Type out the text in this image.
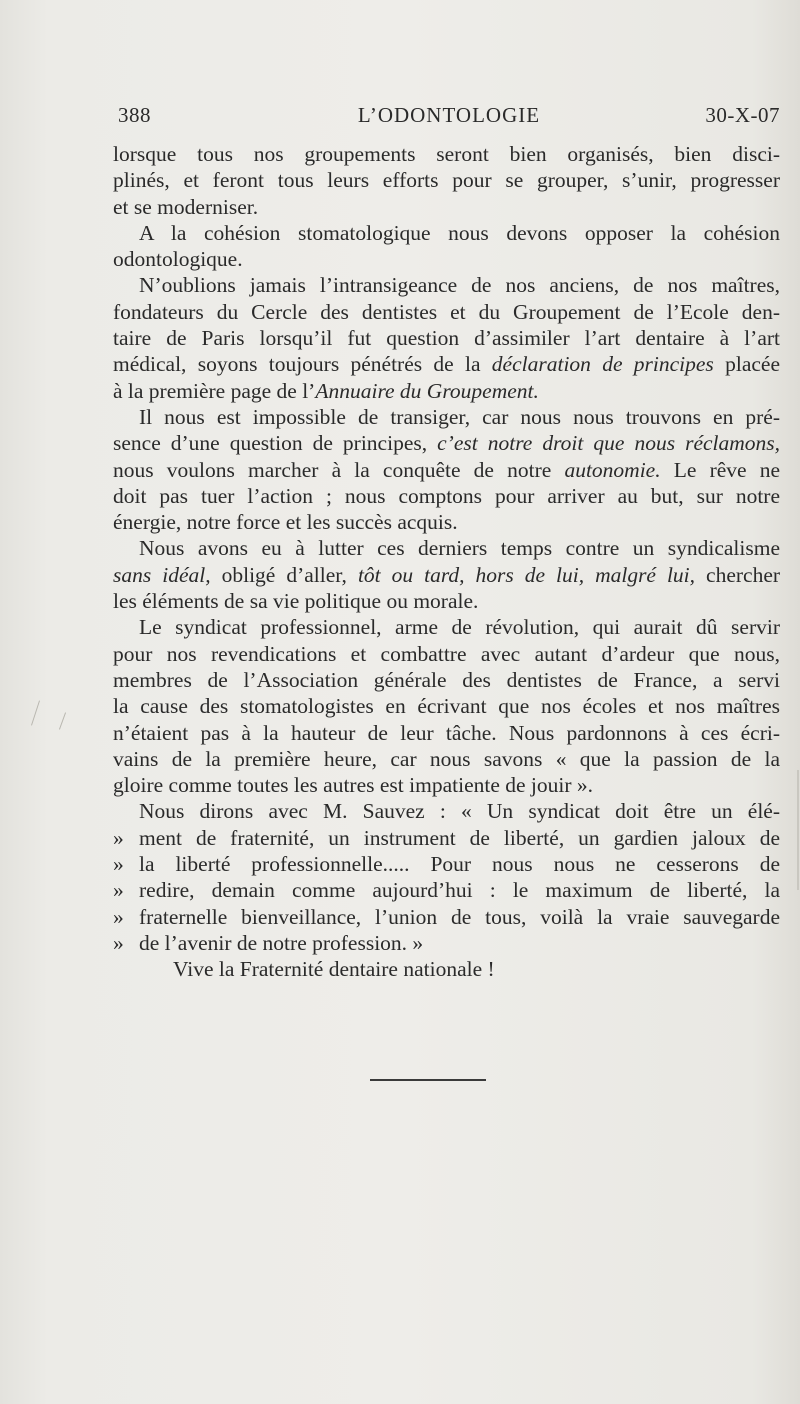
388	L’ODONTOLOGIE	30-X-07
lorsque tous nos groupements seront bien organisés, bien disci-
plinés, et feront tous leurs efforts pour se grouper, s’unir, progresser
et se moderniser.
A la cohésion stomatologique nous devons opposer la cohésion
odontologique.
N’oublions jamais l’intransigeance de nos anciens, de nos maîtres,
fondateurs du Cercle des dentistes et du Groupement de l’Ecole den-
taire de Paris lorsqu’il fut question d’assimiler l’art dentaire à l’art
médical, soyons toujours pénétrés de la déclaration de principes placée
à la première page de l’Annuaire du Groupement.
Il nous est impossible de transiger, car nous nous trouvons en pré-
sence d’une question de principes, c’est notre droit que nous réclamons,
nous voulons marcher à la conquête de notre autonomie. Le rêve ne
doit pas tuer l’action ; nous comptons pour arriver au but, sur notre
énergie, notre force et les succès acquis.
Nous avons eu à lutter ces derniers temps contre un syndicalisme
sans idéal, obligé d’aller, tôt ou tard, hors de lui, malgré lui, chercher
les éléments de sa vie politique ou morale.
Le syndicat professionnel, arme de révolution, qui aurait dû servir
pour nos revendications et combattre avec autant d’ardeur que nous,
membres de l’Association générale des dentistes de France, a servi
la cause des stomatologistes en écrivant que nos écoles et nos maîtres
n’étaient pas à la hauteur de leur tâche. Nous pardonnons à ces écri-
vains de la première heure, car nous savons « que la passion de la
gloire comme toutes les autres est impatiente de jouir ».
Nous dirons avec M. Sauvez : « Un syndicat doit être un élé-
» ment de fraternité, un instrument de liberté, un gardien jaloux de
» la liberté professionnelle..... Pour nous nous ne cesserons de
» redire, demain comme aujourd’hui : le maximum de liberté, la
» fraternelle bienveillance, l’union de tous, voilà la vraie sauvegarde
» de l’avenir de notre profession. »
Vive la Fraternité dentaire nationale !
